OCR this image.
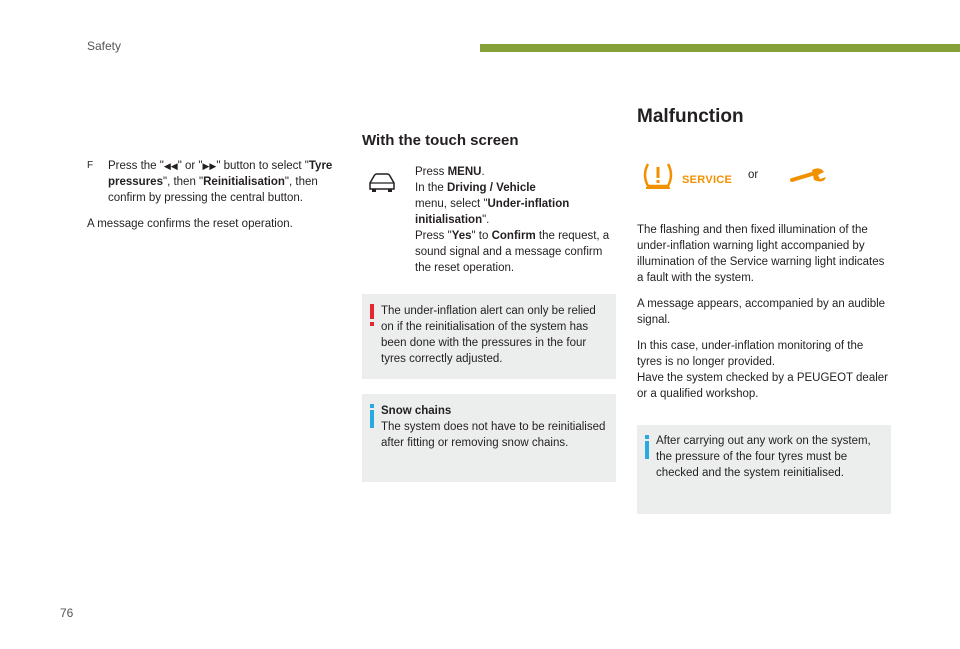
Safety
F Press the "◀◀" or "▶▶" button to select "Tyre pressures", then "Reinitialisation", then confirm by pressing the central button.
A message confirms the reset operation.
With the touch screen
Press MENU.
In the Driving / Vehicle
menu, select "Under-inflation initialisation".
Press "Yes" to Confirm the request, a sound signal and a message confirm the reset operation.
The under-inflation alert can only be relied on if the reinitialisation of the system has been done with the pressures in the four tyres correctly adjusted.
Snow chains
The system does not have to be reinitialised after fitting or removing snow chains.
Malfunction
SERVICE or
The flashing and then fixed illumination of the under-inflation warning light accompanied by illumination of the Service warning light indicates a fault with the system.
A message appears, accompanied by an audible signal.
In this case, under-inflation monitoring of the tyres is no longer provided.
Have the system checked by a PEUGEOT dealer or a qualified workshop.
After carrying out any work on the system, the pressure of the four tyres must be checked and the system reinitialised.
76
